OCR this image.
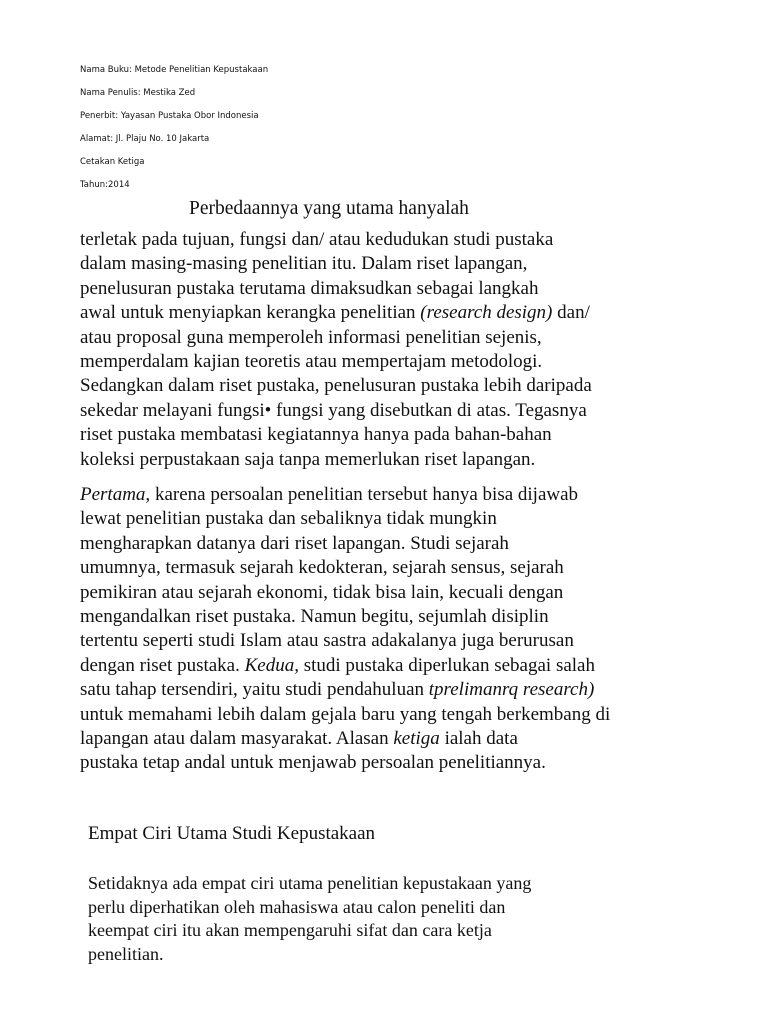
Nama Buku: Metode Penelitian Kepustakaan
Nama Penulis: Mestika Zed
Penerbit: Yayasan Pustaka Obor Indonesia
Alamat: Jl. Plaju No. 10 Jakarta
Cetakan Ketiga
Tahun:2014
Perbedaannya yang utama hanyalah
terletak pada tujuan, fungsi dan/ atau kedudukan studi pustaka
dalam masing-masing penelitian itu. Dalam riset lapangan,
penelusuran pustaka terutama dimaksudkan sebagai langkah
awal untuk menyiapkan kerangka penelitian (research design) dan/
atau proposal guna memperoleh informasi penelitian sejenis,
memperdalam kajian teoretis atau mempertajam metodologi.
Sedangkan dalam riset pustaka, penelusuran pustaka lebih daripada
sekedar melayani fungsi• fungsi yang disebutkan di atas. Tegasnya
riset pustaka membatasi kegiatannya hanya pada bahan-bahan
koleksi perpustakaan saja tanpa memerlukan riset lapangan.
Pertama, karena persoalan penelitian tersebut hanya bisa dijawab
lewat penelitian pustaka dan sebaliknya tidak mungkin
mengharapkan datanya dari riset lapangan. Studi sejarah
umumnya, termasuk sejarah kedokteran, sejarah sensus, sejarah
pemikiran atau sejarah ekonomi, tidak bisa lain, kecuali dengan
mengandalkan riset pustaka. Namun begitu, sejumlah disiplin
tertentu seperti studi Islam atau sastra adakalanya juga berurusan
dengan riset pustaka. Kedua, studi pustaka diperlukan sebagai salah
satu tahap tersendiri, yaitu studi pendahuluan tprelimanrq research)
untuk memahami lebih dalam gejala baru yang tengah berkembang di
lapangan atau dalam masyarakat. Alasan ketiga ialah data
pustaka tetap andal untuk menjawab persoalan penelitiannya.
Empat Ciri Utama Studi Kepustakaan
Setidaknya ada empat ciri utama penelitian kepustakaan yang
perlu diperhatikan oleh mahasiswa atau calon peneliti dan
keempat ciri itu akan mempengaruhi sifat dan cara ketja
penelitian.
